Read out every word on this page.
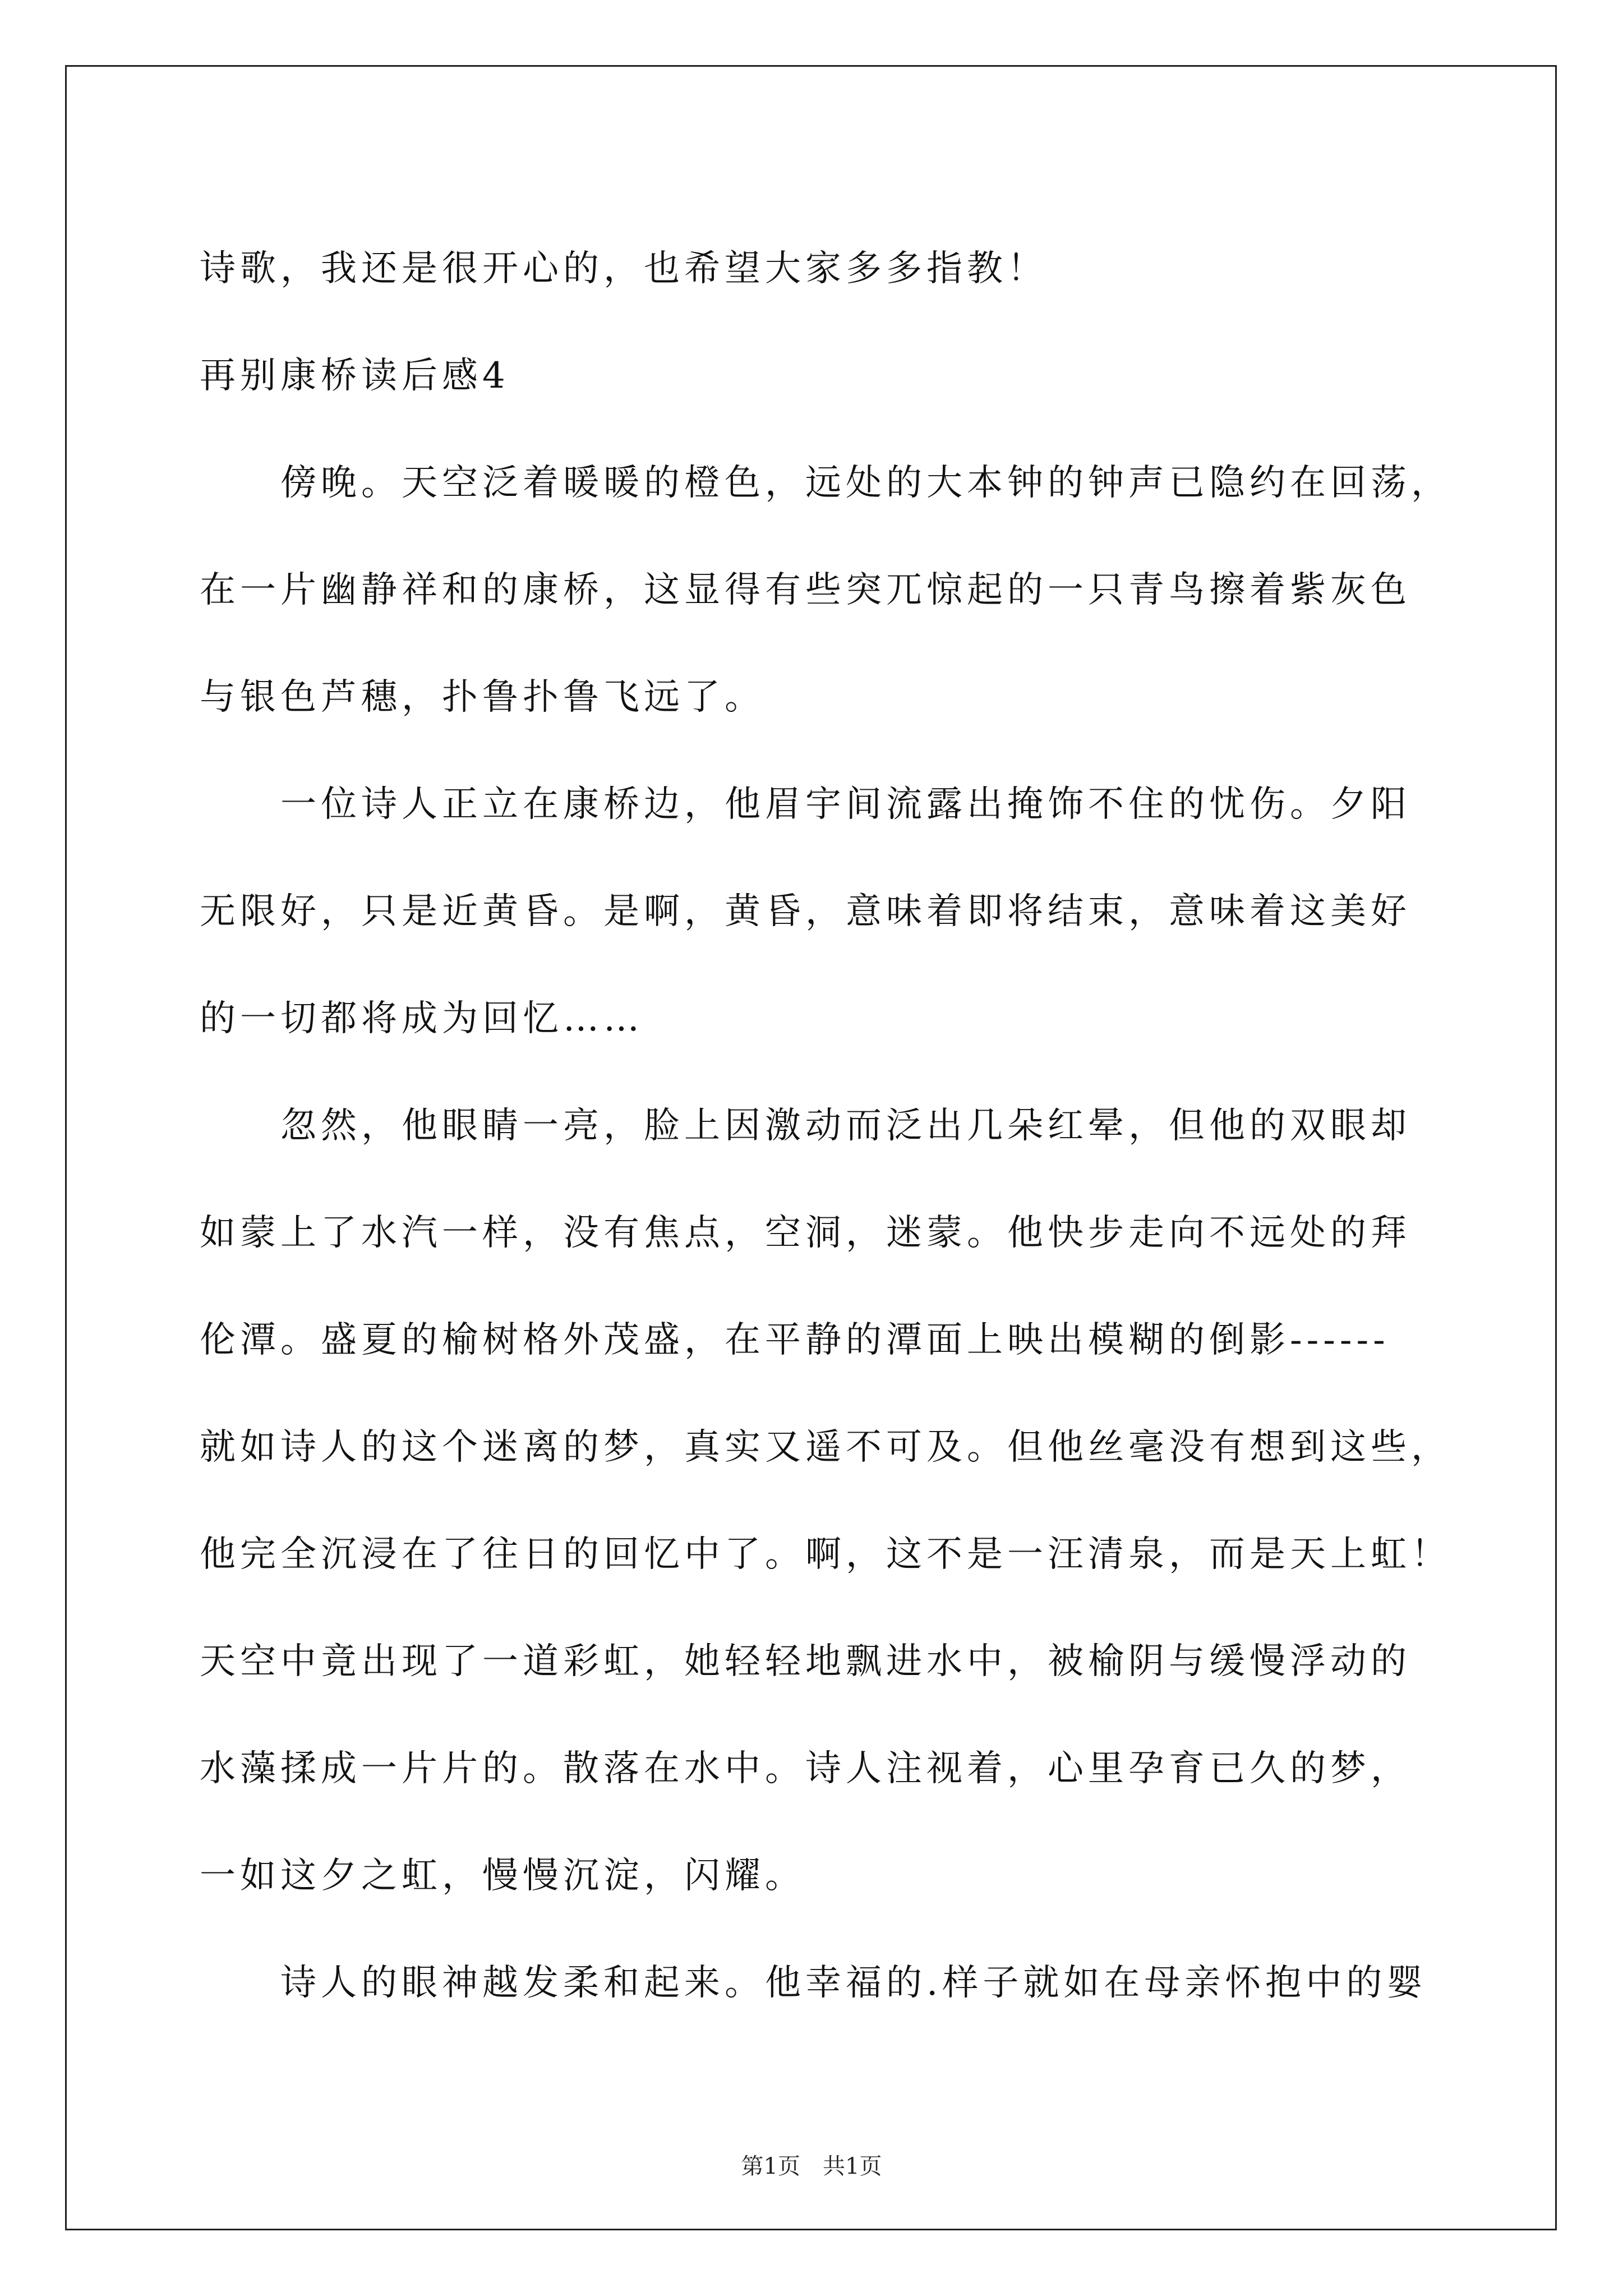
诗歌，我还是很开心的，也希望大家多多指教！
再别康桥读后感4
　　傍晚。天空泛着暖暖的橙色，远处的大本钟的钟声已隐约在回荡，
在一片幽静祥和的康桥，这显得有些突兀惊起的一只青鸟擦着紫灰色
与银色芦穗，扑鲁扑鲁飞远了。
　　一位诗人正立在康桥边，他眉宇间流露出掩饰不住的忧伤。夕阳
无限好，只是近黄昏。是啊，黄昏，意味着即将结束，意味着这美好
的一切都将成为回忆……
　　忽然，他眼睛一亮，脸上因激动而泛出几朵红晕，但他的双眼却
如蒙上了水汽一样，没有焦点，空洞，迷蒙。他快步走向不远处的拜
伦潭。盛夏的榆树格外茂盛，在平静的潭面上映出模糊的倒影------
就如诗人的这个迷离的梦，真实又遥不可及。但他丝毫没有想到这些，
他完全沉浸在了往日的回忆中了。啊，这不是一汪清泉，而是天上虹！
天空中竟出现了一道彩虹，她轻轻地飘进水中，被榆阴与缓慢浮动的
水藻揉成一片片的。散落在水中。诗人注视着，心里孕育已久的梦，
一如这夕之虹，慢慢沉淀，闪耀。
　　诗人的眼神越发柔和起来。他幸福的.样子就如在母亲怀抱中的婴
第1页　共1页
